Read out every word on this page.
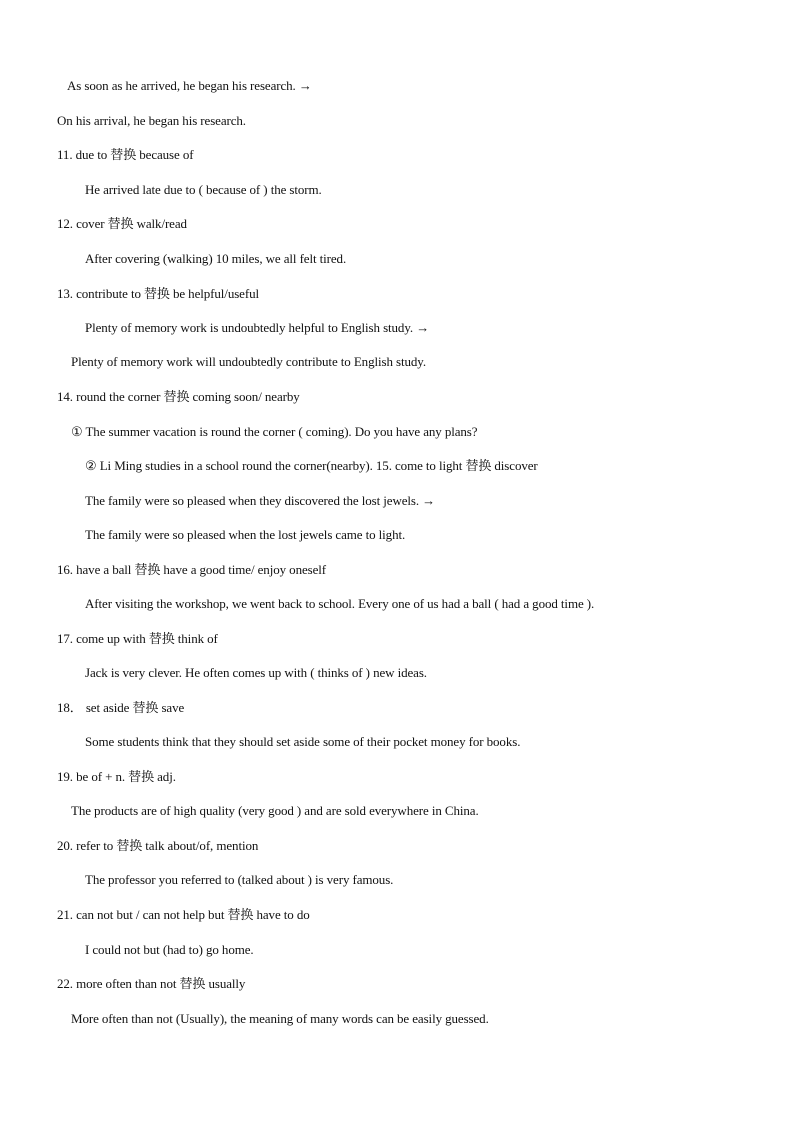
As soon as he arrived, he began his research. →
On his arrival, he began his research.
11. due to 替换 because of
He arrived late due to ( because of ) the storm.
12. cover 替换 walk/read
After covering (walking) 10 miles, we all felt tired.
13. contribute to 替换 be helpful/useful
Plenty of memory work is undoubtedly helpful to English study. →
Plenty of memory work will undoubtedly contribute to English study.
14. round the corner 替换 coming soon/ nearby
① The summer vacation is round the corner ( coming). Do you have any plans?
② Li Ming studies in a school round the corner(nearby). 15. come to light 替换 discover
The family were so pleased when they discovered the lost jewels. →
The family were so pleased when the lost jewels came to light.
16. have a ball 替换 have a good time/ enjoy oneself
After visiting the workshop, we went back to school. Every one of us had a ball ( had a good time ).
17. come up with 替换 think of
Jack is very clever. He often comes up with ( thinks of ) new ideas.
18． set aside 替换 save
Some students think that they should set aside some of their pocket money for books.
19. be of + n. 替换 adj.
The products are of high quality (very good ) and are sold everywhere in China.
20. refer to 替换 talk about/of, mention
The professor you referred to (talked about ) is very famous.
21. can not but / can not help but 替换 have to do
I could not but (had to) go home.
22. more often than not 替换 usually
More often than not (Usually), the meaning of many words can be easily guessed.
